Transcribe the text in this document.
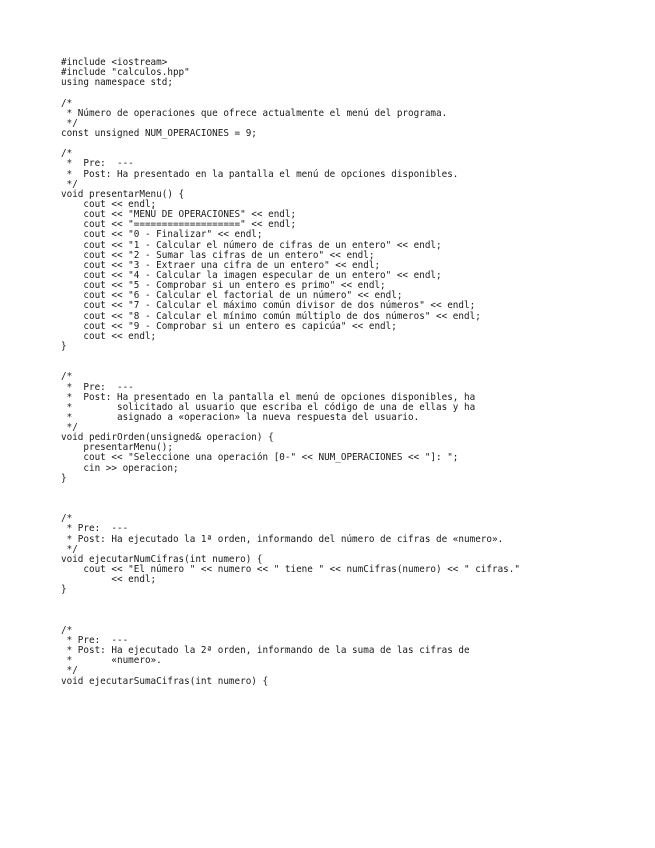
#include <iostream>
#include "calculos.hpp"
using namespace std;
/*
* Número de operaciones que ofrece actualmente el menú del programa.
*/
const unsigned NUM_OPERACIONES = 9;
/*
*  Pre:  ---
*  Post: Ha presentado en la pantalla el menú de opciones disponibles.
*/
void presentarMenu() {
cout << endl;
cout << "MENÚ DE OPERACIONES" << endl;
cout << "===================" << endl;
cout << "0 - Finalizar" << endl;
cout << "1 - Calcular el número de cifras de un entero" << endl;
cout << "2 - Sumar las cifras de un entero" << endl;
cout << "3 - Extraer una cifra de un entero" << endl;
cout << "4 - Calcular la imagen especular de un entero" << endl;
cout << "5 - Comprobar si un entero es primo" << endl;
cout << "6 - Calcular el factorial de un número" << endl;
cout << "7 - Calcular el máximo común divisor de dos números" << endl;
cout << "8 - Calcular el mínimo común múltiplo de dos números" << endl;
cout << "9 - Comprobar si un entero es capicúa" << endl;
cout << endl;
}
/*
*  Pre:  ---
*  Post: Ha presentado en la pantalla el menú de opciones disponibles, ha
*        solicitado al usuario que escriba el código de una de ellas y ha
*        asignado a «operacion» la nueva respuesta del usuario.
*/
void pedirOrden(unsigned& operacion) {
presentarMenu();
cout << "Seleccione una operación [0-" << NUM_OPERACIONES << "]: ";
cin >> operacion;
}
/*
* Pre:  ---
* Post: Ha ejecutado la 1ª orden, informando del número de cifras de «numero».
*/
void ejecutarNumCifras(int numero) {
cout << "El número " << numero << " tiene " << numCifras(numero) << " cifras."
<< endl;
}
/*
* Pre:  ---
* Post: Ha ejecutado la 2ª orden, informando de la suma de las cifras de
*       «numero».
*/
void ejecutarSumaCifras(int numero) {
